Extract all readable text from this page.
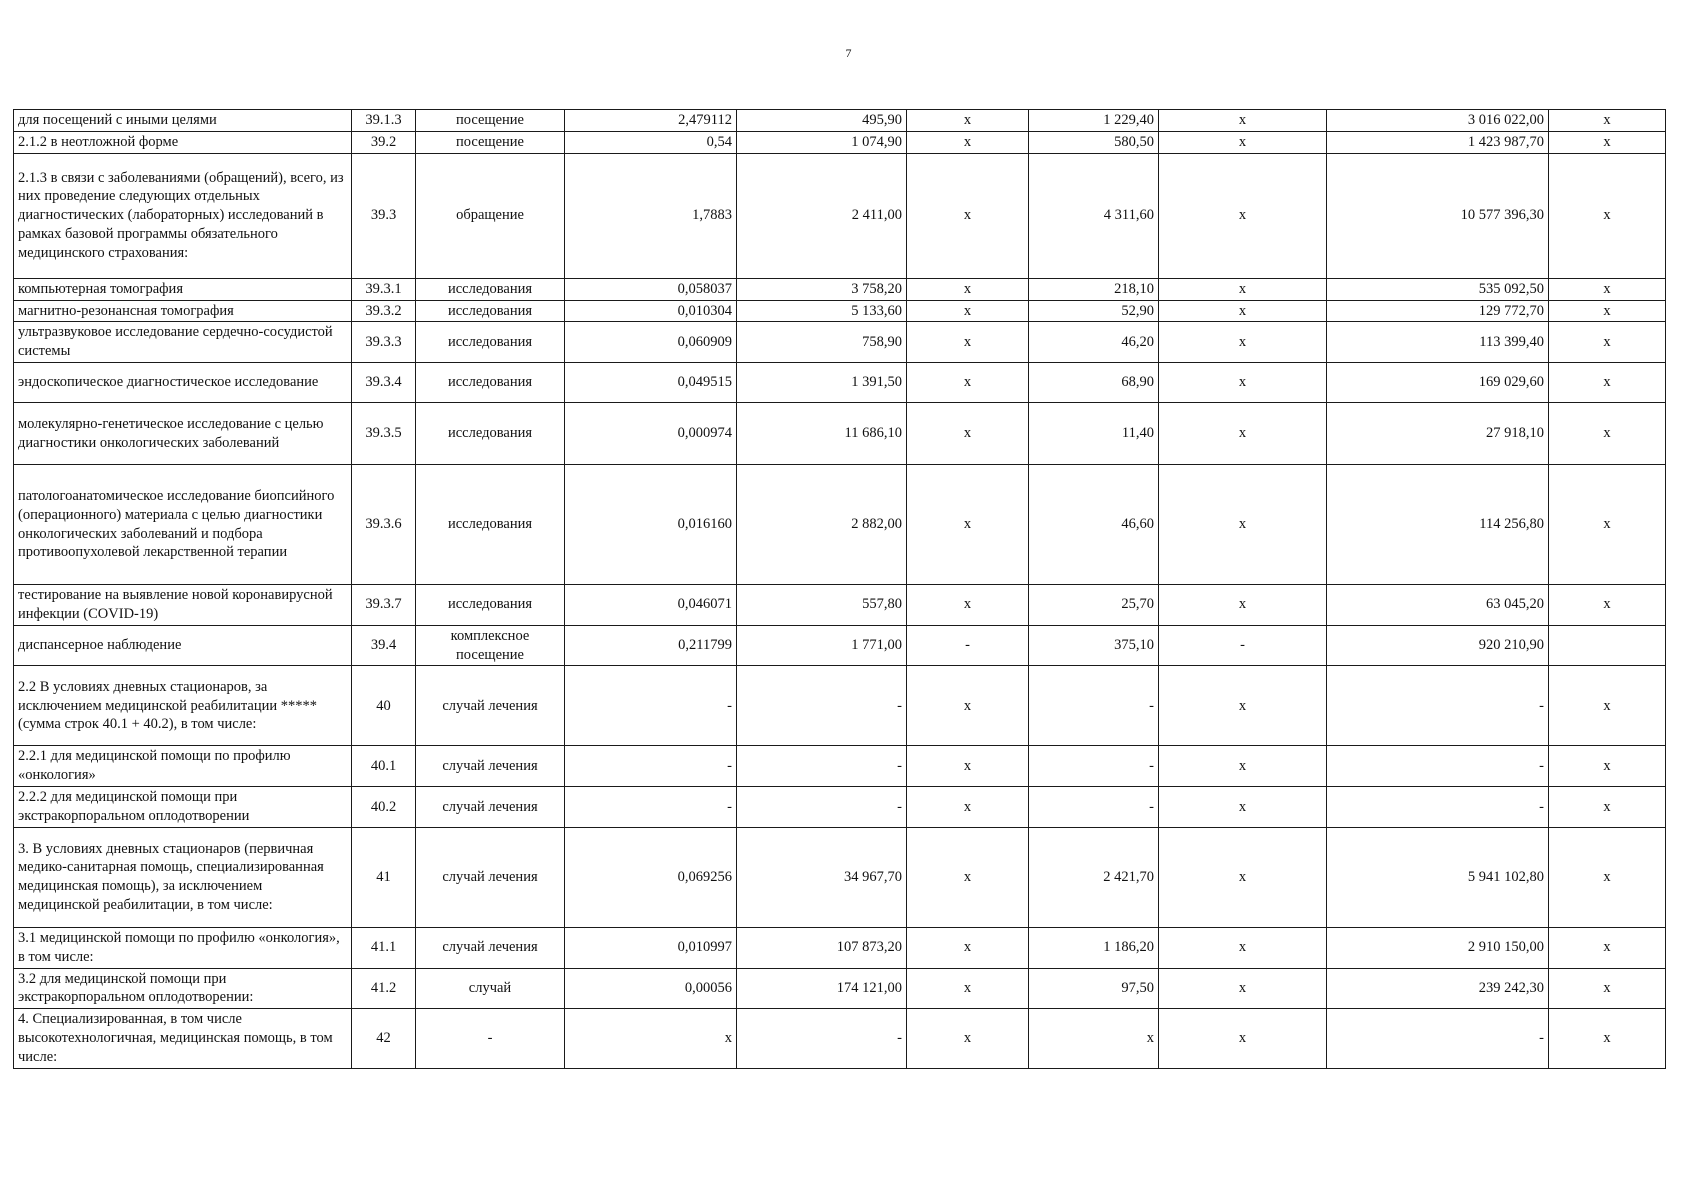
7
для посещений с иными целями	39.1.3	посещение	2,479112	495,90	x	1 229,40	x	3 016 022,00	x
2.1.2 в неотложной форме	39.2	посещение	0,54	1 074,90	x	580,50	x	1 423 987,70	x
2.1.3 в связи с заболеваниями (обращений), всего, из них проведение следующих отдельных диагностических (лабораторных) исследований в рамках базовой программы обязательного медицинского страхования:	39.3	обращение	1,7883	2 411,00	x	4 311,60	x	10 577 396,30	x
компьютерная томография	39.3.1	исследования	0,058037	3 758,20	x	218,10	x	535 092,50	x
магнитно-резонансная томография	39.3.2	исследования	0,010304	5 133,60	x	52,90	x	129 772,70	x
ультразвуковое исследование сердечно-сосудистой системы	39.3.3	исследования	0,060909	758,90	x	46,20	x	113 399,40	x
эндоскопическое диагностическое исследование	39.3.4	исследования	0,049515	1 391,50	x	68,90	x	169 029,60	x
молекулярно-генетическое исследование с целью диагностики онкологических заболеваний	39.3.5	исследования	0,000974	11 686,10	x	11,40	x	27 918,10	x
патологоанатомическое исследование биопсийного (операционного) материала с целью диагностики онкологических заболеваний и подбора противоопухолевой лекарственной терапии	39.3.6	исследования	0,016160	2 882,00	x	46,60	x	114 256,80	x
тестирование на выявление новой коронавирусной инфекции (COVID-19)	39.3.7	исследования	0,046071	557,80	x	25,70	x	63 045,20	x
диспансерное наблюдение	39.4	комплексное посещение	0,211799	1 771,00	-	375,10	-	920 210,90	
2.2 В условиях дневных стационаров, за исключением медицинской реабилитации ***** (сумма строк 40.1 + 40.2), в том числе:	40	случай лечения	-	-	x	-	x	-	x
2.2.1 для медицинской помощи по профилю «онкология»	40.1	случай лечения	-	-	x	-	x	-	x
2.2.2 для медицинской помощи при экстракорпоральном оплодотворении	40.2	случай лечения	-	-	x	-	x	-	x
3. В условиях дневных стационаров (первичная медико-санитарная помощь, специализированная медицинская помощь), за исключением медицинской реабилитации, в том числе:	41	случай лечения	0,069256	34 967,70	x	2 421,70	x	5 941 102,80	x
3.1 медицинской помощи по профилю «онкология», в том числе:	41.1	случай лечения	0,010997	107 873,20	x	1 186,20	x	2 910 150,00	x
3.2 для медицинской помощи при экстракорпоральном оплодотворении:	41.2	случай	0,00056	174 121,00	x	97,50	x	239 242,30	x
4. Специализированная, в том числе высокотехнологичная, медицинская помощь, в том числе:	42	-	x	-	x	x	x	-	x
